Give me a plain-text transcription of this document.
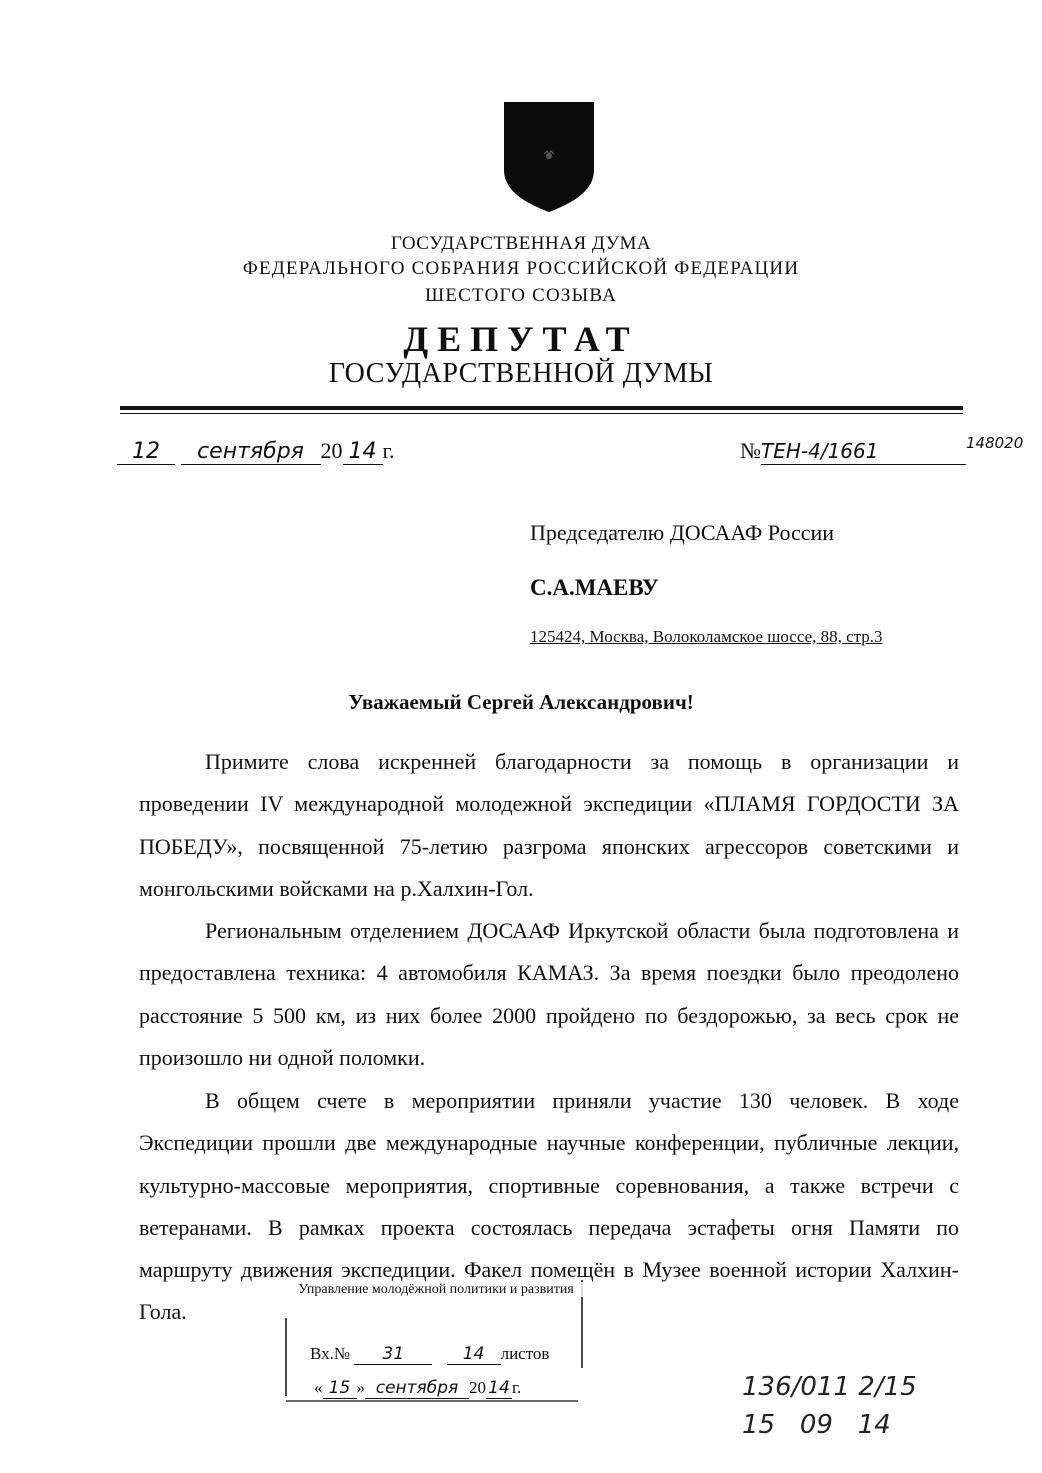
ГОСУДАРСТВЕННАЯ ДУМА
ФЕДЕРАЛЬНОГО СОБРАНИЯ РОССИЙСКОЙ ФЕДЕРАЦИИ
ШЕСТОГО СОЗЫВА
ДЕПУТАТ
ГОСУДАРСТВЕННОЙ ДУМЫ
12 сентября 20 14 г.	№ТЕН-4/1661	$^{148020}$
Председателю ДОСААФ России
С.А.МАЕВУ
125424, Москва, Волоколамское шоссе, 88, стр.3
Уважаемый Сергей Александрович!
Примите слова искренней благодарности за помощь в организации и проведении IV международной молодежной экспедиции «ПЛАМЯ ГОРДОСТИ ЗА ПОБЕДУ», посвященной 75-летию разгрома японских агрессоров советскими и монгольскими войсками на р.Халхин-Гол.
Региональным отделением ДОСААФ Иркутской области была подготовлена и предоставлена техника: 4 автомобиля КАМАЗ. За время поездки было преодолено расстояние 5 500 км, из них более 2000 пройдено по бездорожью, за весь срок не произошло ни одной поломки.
В общем счете в мероприятии приняли участие 130 человек. В ходе Экспедиции прошли две международные научные конференции, публичные лекции, культурно-массовые мероприятия, спортивные соревнования, а также встречи с ветеранами. В рамках проекта состоялась передача эстафеты огня Памяти по маршруту движения экспедиции. Факел помещён в Музее военной истории Халхин-Гола.
Управление молодёжной политики и развития
Вх.№ 31	14 листов
« 15 » сентября 20 14 г.	136/011 2/15
15   09   14
